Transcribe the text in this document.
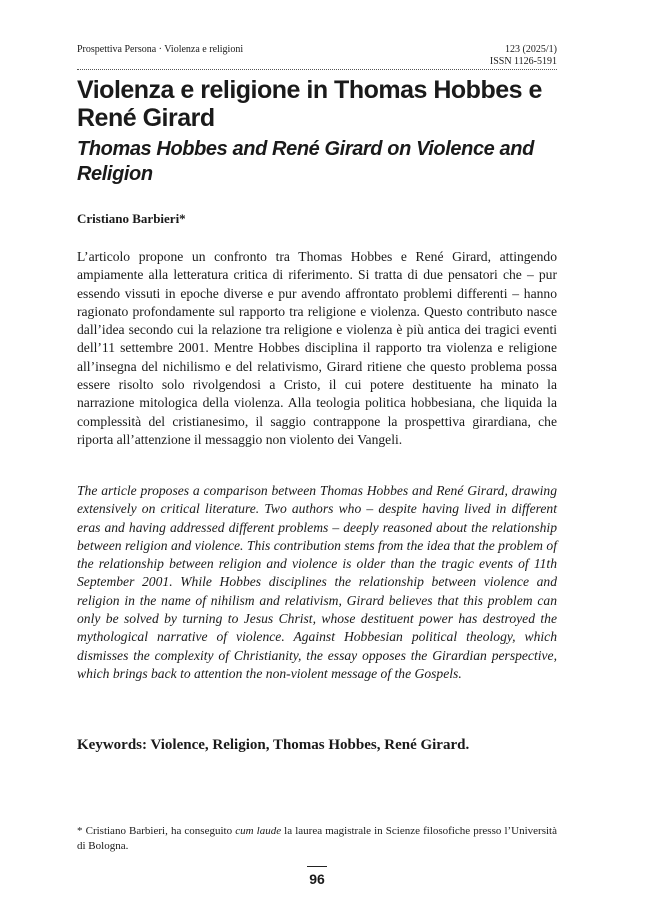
Prospettiva Persona · Violenza e religioni	123 (2025/1)
ISSN 1126-5191
Violenza e religione in Thomas Hobbes e René Girard
Thomas Hobbes and René Girard on Violence and Religion
Cristiano Barbieri*

L’articolo propone un confronto tra Thomas Hobbes e René Girard, attingendo ampiamente alla letteratura critica di riferimento. Si tratta di due pensatori che – pur essendo vissuti in epoche diverse e pur avendo affrontato problemi differenti – hanno ragionato profondamente sul rapporto tra religione e violenza. Questo contributo nasce dall’idea secondo cui la relazione tra religione e violenza è più antica dei tragici eventi dell’11 settembre 2001. Mentre Hobbes disciplina il rapporto tra violenza e religione all’insegna del nichilismo e del relativismo, Girard ritiene che questo problema possa essere risolto solo rivolgendosi a Cristo, il cui potere destituente ha minato la narrazione mitologica della violenza. Alla teologia politica hobbesiana, che liquida la complessità del cristianesimo, il saggio contrappone la prospettiva girardiana, che riporta all’attenzione il messaggio non violento dei Vangeli.

The article proposes a comparison between Thomas Hobbes and René Girard, drawing extensively on critical literature. Two authors who – despite having lived in different eras and having addressed different problems – deeply reasoned about the relationship between religion and violence. This contribution stems from the idea that the problem of the relationship between religion and violence is older than the tragic events of 11th September 2001. While Hobbes disciplines the relationship between violence and religion in the name of nihilism and relativism, Girard believes that this problem can only be solved by turning to Jesus Christ, whose destituent power has destroyed the mythological narrative of violence. Against Hobbesian political theology, which dismisses the complexity of Christianity, the essay opposes the Girardian perspective, which brings back to attention the non-violent message of the Gospels.

Keywords: Violence, Religion, Thomas Hobbes, René Girard.

* Cristiano Barbieri, ha conseguito cum laude la laurea magistrale in Scienze filosofiche presso l’Università di Bologna.

96
